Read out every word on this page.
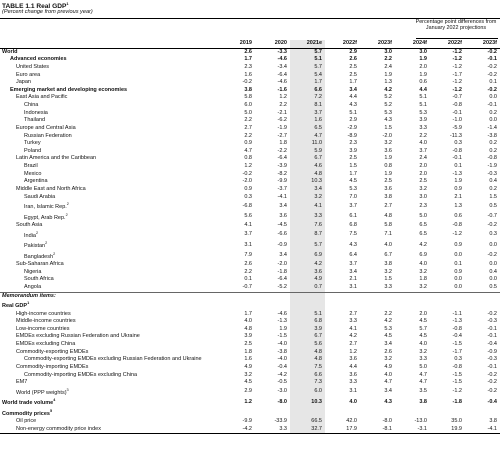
TABLE 1.1 Real GDP$^1$
(Percent change from previous year)
Percentage point differences from January 2022 projections
	2019	2020	2021e	2022f	2023f	2024f	2022f	2023f
World	2.6	-3.3	5.7	2.9	3.0	3.0	-1.2	-0.2
Advanced economies	1.7	-4.6	5.1	2.6	2.2	1.9	-1.2	-0.1
United States	2.3	-3.4	5.7	2.5	2.4	2.0	-1.2	-0.2
Euro area	1.6	-6.4	5.4	2.5	1.9	1.9	-1.7	-0.2
Japan	-0.2	-4.6	1.7	1.7	1.3	0.6	-1.2	0.1
Emerging market and developing economies	3.8	-1.6	6.6	3.4	4.2	4.4	-1.2	-0.2
East Asia and Pacific	5.8	1.2	7.2	4.4	5.2	5.1	-0.7	0.0
China	6.0	2.2	8.1	4.3	5.2	5.1	-0.8	-0.1
Indonesia	5.0	-2.1	3.7	5.1	5.3	5.3	-0.1	0.2
Thailand	2.2	-6.2	1.6	2.9	4.3	3.9	-1.0	0.0
Europe and Central Asia	2.7	-1.9	6.5	-2.9	1.5	3.3	-5.9	-1.4
Russian Federation	2.2	-2.7	4.7	-8.9	-2.0	2.2	-11.3	-3.8
Turkey	0.9	1.8	11.0	2.3	3.2	4.0	0.3	0.2
Poland	4.7	-2.2	5.9	3.9	3.6	3.7	-0.8	0.2
Latin America and the Caribbean	0.8	-6.4	6.7	2.5	1.9	2.4	-0.1	-0.8
Brazil	1.2	-3.9	4.6	1.5	0.8	2.0	0.1	-1.9
Mexico	-0.2	-8.2	4.8	1.7	1.9	2.0	-1.3	-0.3
Argentina	-2.0	-9.9	10.3	4.5	2.5	2.5	1.9	0.4
Middle East and North Africa	0.9	-3.7	3.4	5.3	3.6	3.2	0.9	0.2
Saudi Arabia	0.3	-4.1	3.2	7.0	3.8	3.0	2.1	1.5
Iran, Islamic Rep.$^2$	-6.8	3.4	4.1	3.7	2.7	2.3	1.3	0.5
Egypt, Arab Rep.$^2$	5.6	3.6	3.3	6.1	4.8	5.0	0.6	-0.7
South Asia	4.1	-4.5	7.6	6.8	5.8	6.5	-0.8	-0.2
India$^2$	3.7	-6.6	8.7	7.5	7.1	6.5	-1.2	0.3
Pakistan$^2$	3.1	-0.9	5.7	4.3	4.0	4.2	0.9	0.0
Bangladesh$^2$	7.9	3.4	6.9	6.4	6.7	6.9	0.0	-0.2
Sub-Saharan Africa	2.6	-2.0	4.2	3.7	3.8	4.0	0.1	0.0
Nigeria	2.2	-1.8	3.6	3.4	3.2	3.2	0.9	0.4
South Africa	0.1	-6.4	4.9	2.1	1.5	1.8	0.0	0.0
Angola	-0.7	-5.2	0.7	3.1	3.3	3.2	0.0	0.5
Memorandum items:								
Real GDP$^1$								
High-income countries	1.7	-4.6	5.1	2.7	2.2	2.0	-1.1	-0.2
Middle-income countries	4.0	-1.3	6.8	3.3	4.2	4.5	-1.3	-0.3
Low-income countries	4.8	1.9	3.9	4.1	5.3	5.7	-0.8	-0.1
EMDEs excluding Russian Federation and Ukraine	3.9	-1.5	6.7	4.2	4.5	4.5	-0.4	-0.1
EMDEs excluding China	2.5	-4.0	5.6	2.7	3.4	4.0	-1.5	-0.4
Commodity-exporting EMDEs	1.8	-3.8	4.8	1.2	2.6	3.2	-1.7	-0.9
Commodity-exporting EMDEs excluding Russian Federation and Ukraine	1.6	-4.0	4.8	3.6	3.2	3.3	0.3	-0.3
Commodity-importing EMDEs	4.9	-0.4	7.5	4.4	4.9	5.0	-0.8	-0.1
Commodity-importing EMDEs excluding China	3.2	-4.2	6.6	3.6	4.0	4.7	-1.5	-0.2
EM7	4.5	-0.5	7.3	3.3	4.7	4.7	-1.5	-0.2
World (PPP weights)$^3$	2.9	-3.0	6.0	3.1	3.4	3.5	-1.2	-0.2
World trade volume$^4$	1.2	-8.0	10.3	4.0	4.3	3.8	-1.8	-0.4
Commodity prices$^5$								
Oil price	-9.9	-33.9	66.5	42.0	-8.0	-13.0	35.0	3.8
Non-energy commodity price index	-4.2	3.3	32.7	17.9	-8.1	-3.1	19.9	-4.1
